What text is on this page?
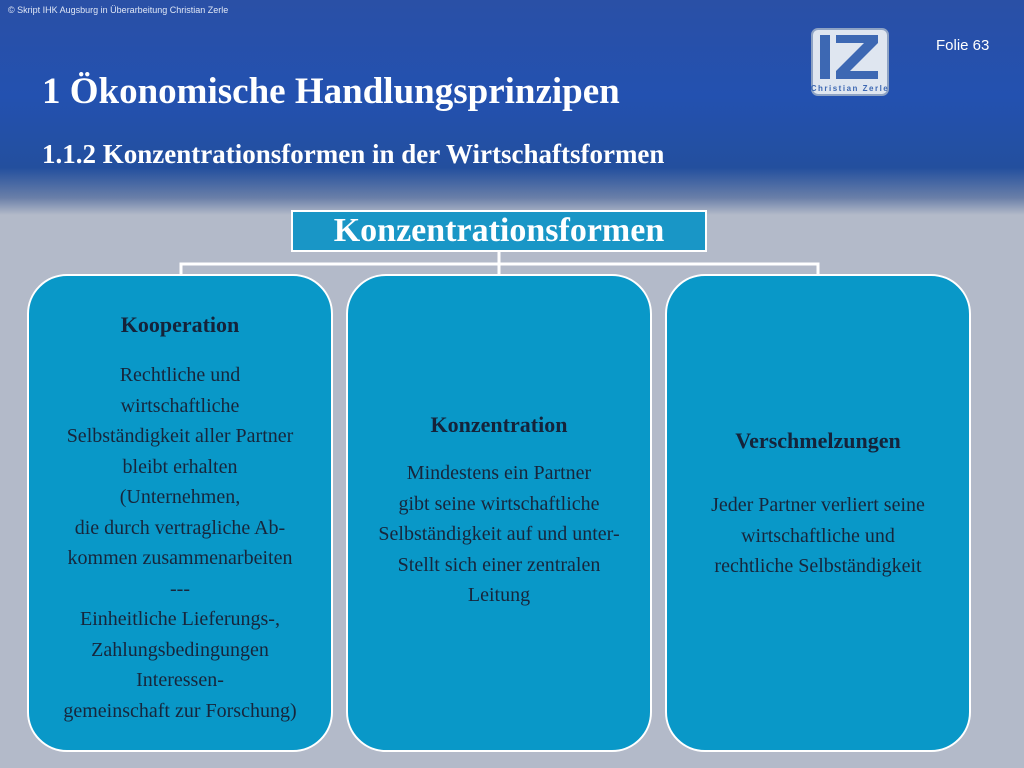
© Skript IHK Augsburg in Überarbeitung Christian Zerle
Folie 63
Christian Zerle
1 Ökonomische Handlungsprinzipen
1.1.2 Konzentrationsformen in der Wirtschaftsformen
Konzentrationsformen
Kooperation
Rechtliche und
wirtschaftliche
Selbständigkeit aller Partner
bleibt erhalten
(Unternehmen,
die durch vertragliche Ab-
kommen zusammenarbeiten
---
Einheitliche Lieferungs-,
Zahlungsbedingungen
Interessen-
gemeinschaft zur Forschung)
Konzentration
Mindestens ein Partner
gibt seine wirtschaftliche
Selbständigkeit auf und unter-
Stellt sich einer zentralen
Leitung
Verschmelzungen
Jeder Partner verliert seine
wirtschaftliche und
rechtliche Selbständigkeit
